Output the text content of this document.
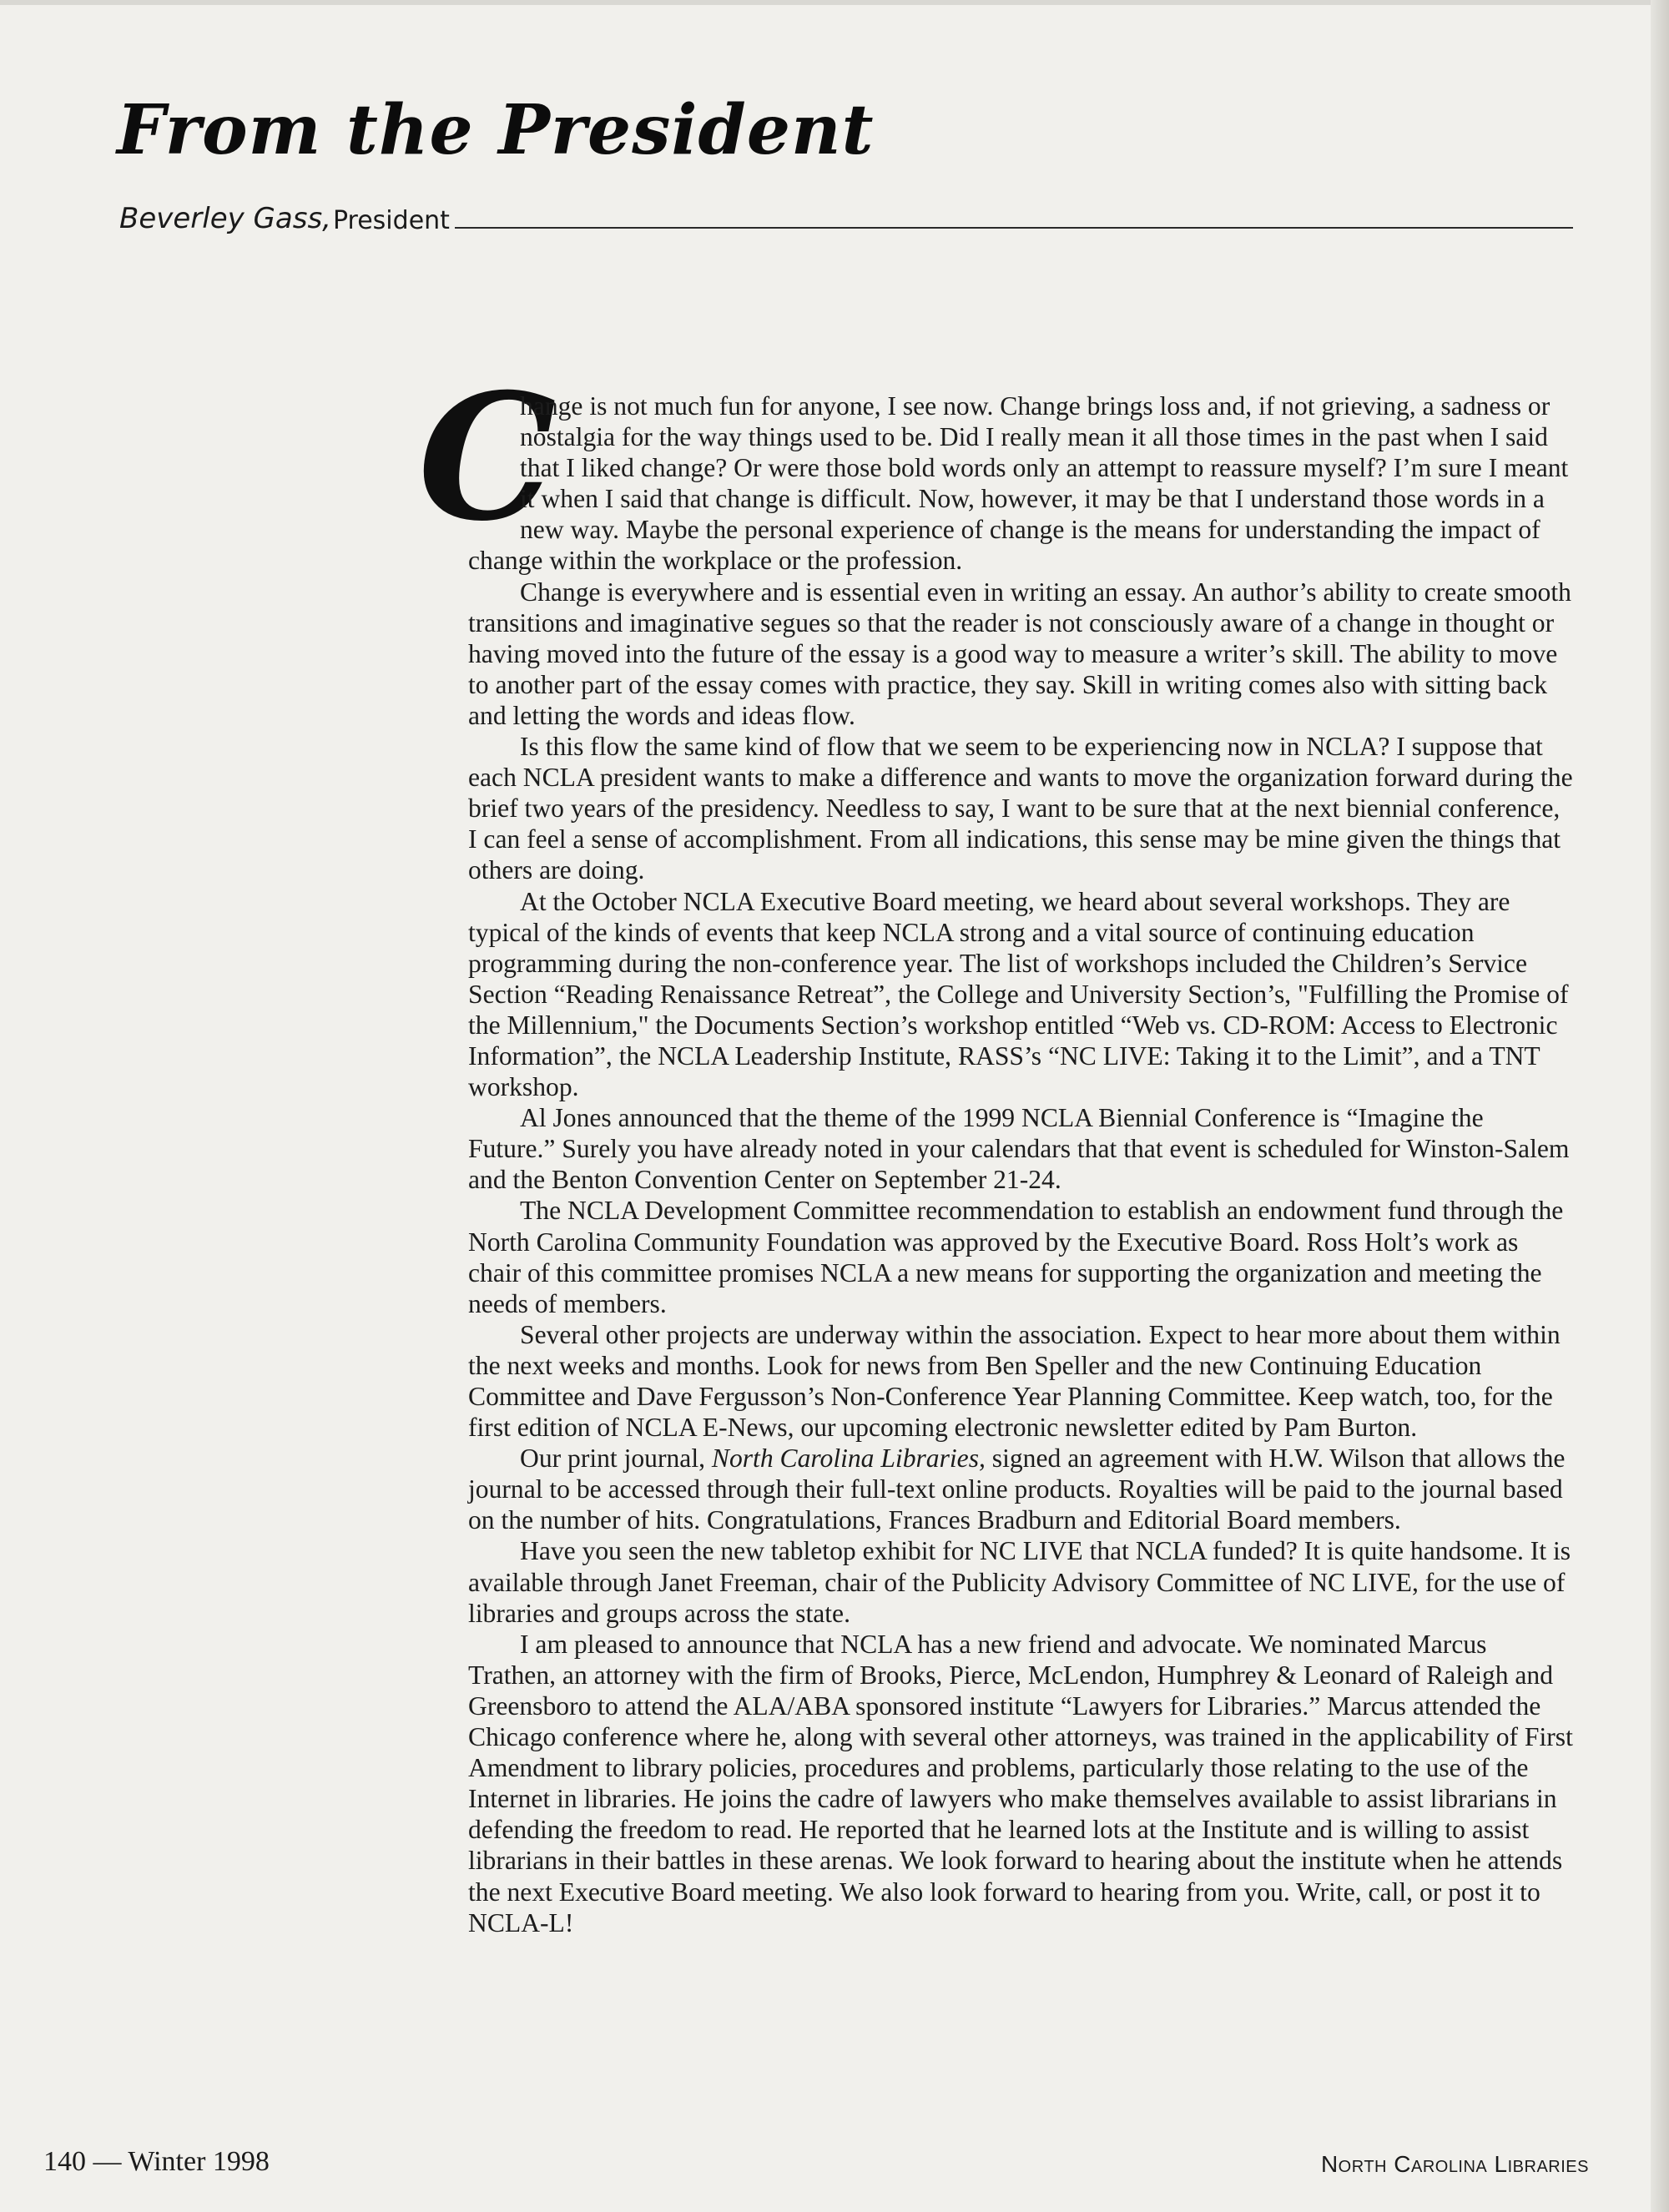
From the President
Beverley Gass, President

C
hange is not much fun for anyone, I see now. Change brings loss and, if not grieving, a sadness or nostalgia for the way things used to be. Did I really mean it all those times in the past when I said that I liked change? Or were those bold words only an attempt to reassure myself? I’m sure I meant it when I said that change is difficult. Now, however, it may be that I understand those words in a new way. Maybe the personal experience of change is the means for understanding the impact of change within the workplace or the profession.

Change is everywhere and is essential even in writing an essay. An author’s ability to create smooth transitions and imaginative segues so that the reader is not consciously aware of a change in thought or having moved into the future of the essay is a good way to measure a writer’s skill. The ability to move to another part of the essay comes with practice, they say. Skill in writing comes also with sitting back and letting the words and ideas flow.

Is this flow the same kind of flow that we seem to be experiencing now in NCLA? I suppose that each NCLA president wants to make a difference and wants to move the organization forward during the brief two years of the presidency. Needless to say, I want to be sure that at the next biennial conference, I can feel a sense of accomplishment. From all indications, this sense may be mine given the things that others are doing.

At the October NCLA Executive Board meeting, we heard about several workshops. They are typical of the kinds of events that keep NCLA strong and a vital source of continuing education programming during the non-conference year. The list of workshops included the Children’s Service Section “Reading Renaissance Retreat”, the College and University Section’s, "Fulfilling the Promise of the Millennium," the Documents Section’s workshop entitled “Web vs. CD-ROM: Access to Electronic Information”, the NCLA Leadership Institute, RASS’s “NC LIVE: Taking it to the Limit”, and a TNT workshop.

Al Jones announced that the theme of the 1999 NCLA Biennial Conference is “Imagine the Future.” Surely you have already noted in your calendars that that event is scheduled for Winston-Salem and the Benton Convention Center on September 21-24.

The NCLA Development Committee recommendation to establish an endowment fund through the North Carolina Community Foundation was approved by the Executive Board. Ross Holt’s work as chair of this committee promises NCLA a new means for supporting the organization and meeting the needs of members.

Several other projects are underway within the association. Expect to hear more about them within the next weeks and months. Look for news from Ben Speller and the new Continuing Education Committee and Dave Fergusson’s Non-Conference Year Planning Committee. Keep watch, too, for the first edition of NCLA E-News, our upcoming electronic newsletter edited by Pam Burton.

Our print journal, North Carolina Libraries, signed an agreement with H.W. Wilson that allows the journal to be accessed through their full-text online products. Royalties will be paid to the journal based on the number of hits. Congratulations, Frances Bradburn and Editorial Board members.

Have you seen the new tabletop exhibit for NC LIVE that NCLA funded? It is quite handsome. It is available through Janet Freeman, chair of the Publicity Advisory Committee of NC LIVE, for the use of libraries and groups across the state.

I am pleased to announce that NCLA has a new friend and advocate. We nominated Marcus Trathen, an attorney with the firm of Brooks, Pierce, McLendon, Humphrey & Leonard of Raleigh and Greensboro to attend the ALA/ABA sponsored institute “Lawyers for Libraries.” Marcus attended the Chicago conference where he, along with several other attorneys, was trained in the applicability of First Amendment to library policies, procedures and problems, particularly those relating to the use of the Internet in libraries. He joins the cadre of lawyers who make themselves available to assist librarians in defending the freedom to read. He reported that he learned lots at the Institute and is willing to assist librarians in their battles in these arenas. We look forward to hearing about the institute when he attends the next Executive Board meeting. We also look forward to hearing from you. Write, call, or post it to NCLA-L!

140 — Winter 1998	North Carolina Libraries
